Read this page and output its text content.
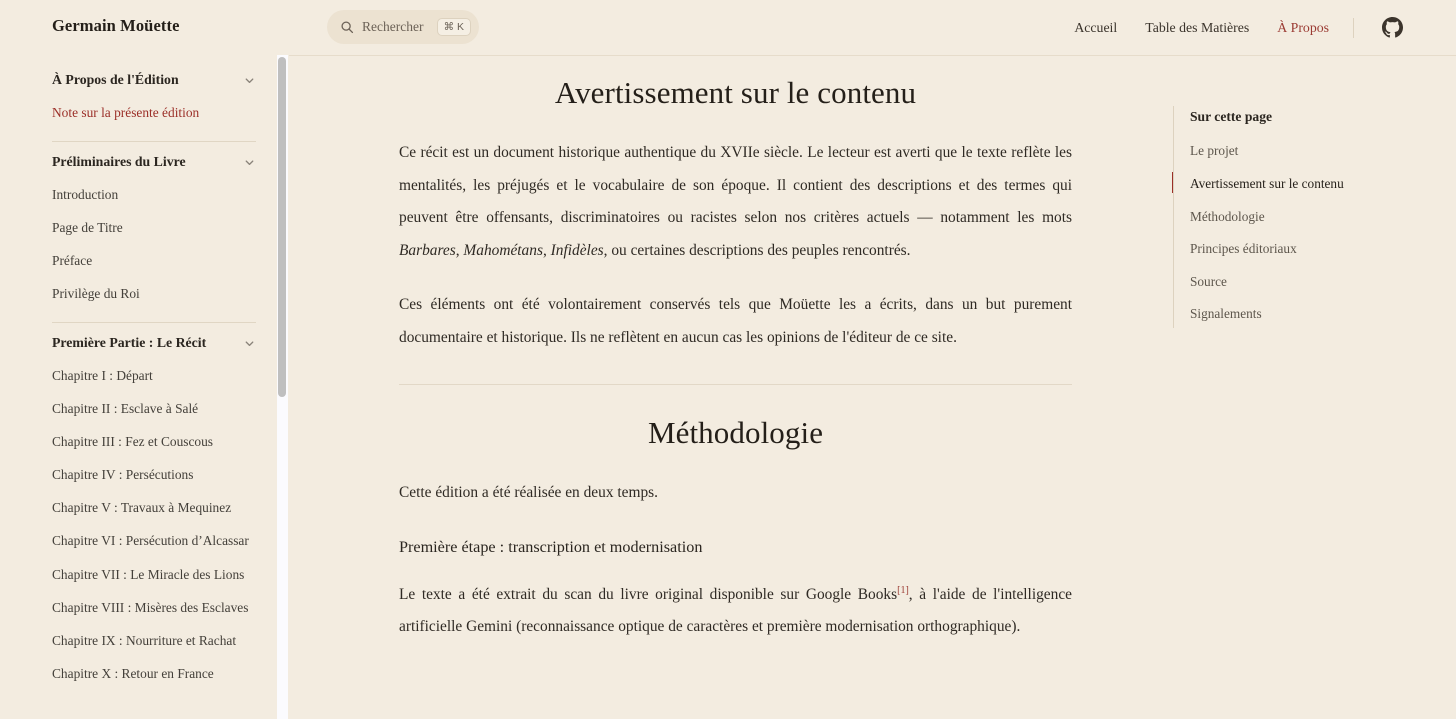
Germain Moüette	Rechercher	⌘ K	Accueil Table des Matières À Propos
À Propos de l'Édition
Note sur la présente édition
Préliminaires du Livre
Introduction
Page de Titre
Préface
Privilège du Roi
Première Partie : Le Récit
Chapitre I : Départ
Chapitre II : Esclave à Salé
Chapitre III : Fez et Couscous
Chapitre IV : Persécutions
Chapitre V : Travaux à Mequinez
Chapitre VI : Persécution d’Alcassar
Chapitre VII : Le Miracle des Lions
Chapitre VIII : Misères des Esclaves
Chapitre IX : Nourriture et Rachat
Chapitre X : Retour en France
Avertissement sur le contenu

Ce récit est un document historique authentique du XVIIe siècle. Le lecteur est averti que le texte reflète les mentalités, les préjugés et le vocabulaire de son époque. Il contient des descriptions et des termes qui peuvent être offensants, discriminatoires ou racistes selon nos critères actuels — notamment les mots Barbares, Mahométans, Infidèles, ou certaines descriptions des peuples rencontrés.

Ces éléments ont été volontairement conservés tels que Moüette les a écrits, dans un but purement documentaire et historique. Ils ne reflètent en aucun cas les opinions de l'éditeur de ce site.

Méthodologie

Cette édition a été réalisée en deux temps.

Première étape : transcription et modernisation

Le texte a été extrait du scan du livre original disponible sur Google Books[1], à l'aide de l'intelligence artificielle Gemini (reconnaissance optique de caractères et première modernisation orthographique).

Sur cette page
Le projet
Avertissement sur le contenu
Méthodologie
Principes éditoriaux
Source
Signalements
